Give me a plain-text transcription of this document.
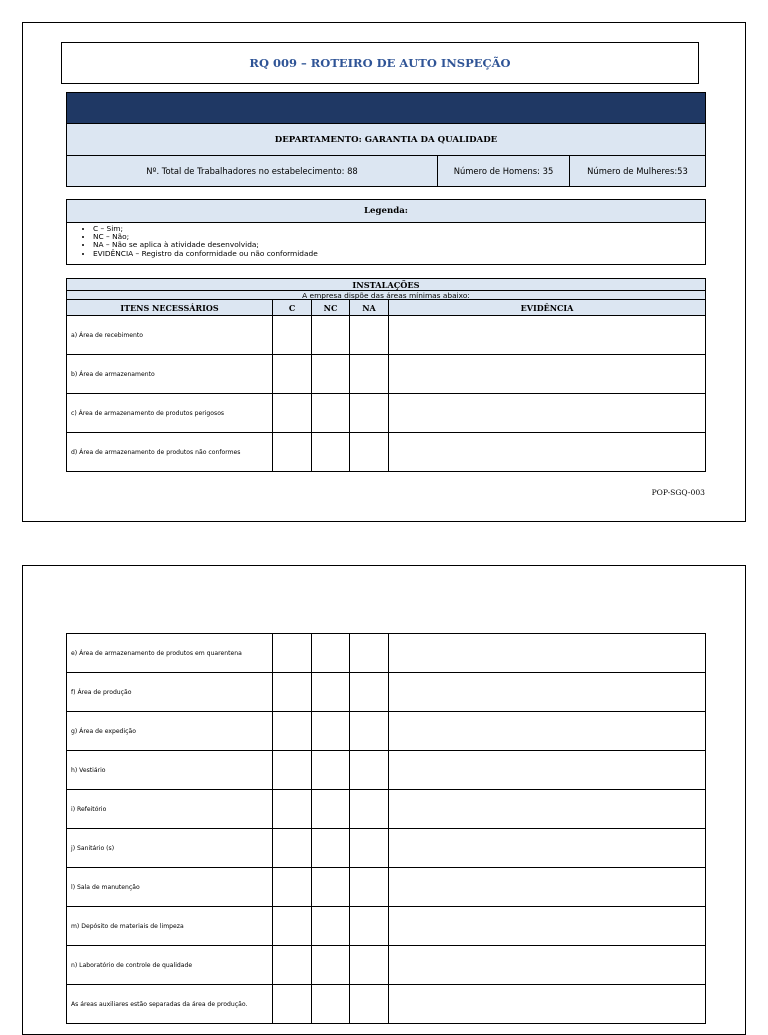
RQ 009 – ROTEIRO DE AUTO INSPEÇÃO
DEPARTAMENTO: GARANTIA DA QUALIDADE
Nº. Total de Trabalhadores no estabelecimento: 88	Número de Homens: 35	Número de Mulheres:53
Legenda:
• C – Sim;
• NC – Não;
• NA – Não se aplica à atividade desenvolvida;
• EVIDÊNCIA – Registro da conformidade ou não conformidade
INSTALAÇÕES
A empresa dispõe das áreas mínimas abaixo:
ITENS NECESSÁRIOS	C	NC	NA	EVIDÊNCIA
a) Área de recebimento
b) Área de armazenamento
c) Área de armazenamento de produtos perigosos
d) Área de armazenamento de produtos não conformes
POP-SGQ-003
e) Área de armazenamento de produtos em quarentena
f) Área de produção
g) Área de expedição
h) Vestiário
i) Refeitório
j) Sanitário (s)
l) Sala de manutenção
m) Depósito de materiais de limpeza
n) Laboratório de controle de qualidade
As áreas auxiliares estão separadas da área de produção.
